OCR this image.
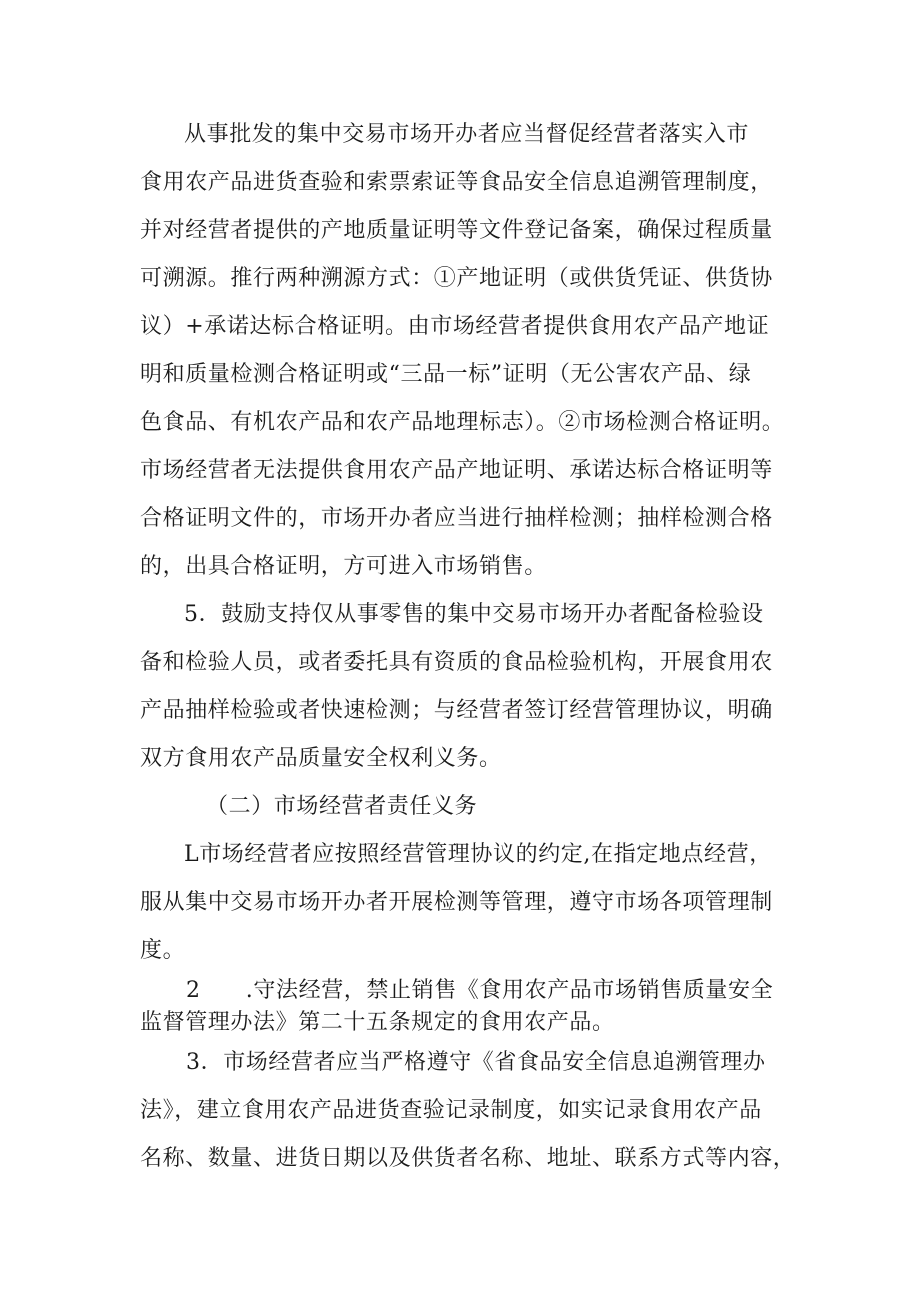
从事批发的集中交易市场开办者应当督促经营者落实入市
食用农产品进货查验和索票索证等食品安全信息追溯管理制度，
并对经营者提供的产地质量证明等文件登记备案，确保过程质量
可溯源。推行两种溯源方式：①产地证明（或供货凭证、供货协
议）+承诺达标合格证明。由市场经营者提供食用农产品产地证
明和质量检测合格证明或“三品一标”证明（无公害农产品、绿
色食品、有机农产品和农产品地理标志）。②市场检测合格证明。
市场经营者无法提供食用农产品产地证明、承诺达标合格证明等
合格证明文件的，市场开办者应当进行抽样检测；抽样检测合格
的，出具合格证明，方可进入市场销售。
5．鼓励支持仅从事零售的集中交易市场开办者配备检验设
备和检验人员，或者委托具有资质的食品检验机构，开展食用农
产品抽样检验或者快速检测；与经营者签订经营管理协议，明确
双方食用农产品质量安全权利义务。
（二）市场经营者责任义务
L市场经营者应按照经营管理协议的约定,在指定地点经营，
服从集中交易市场开办者开展检测等管理，遵守市场各项管理制
度。
2　　.守法经营，禁止销售《食用农产品市场销售质量安全
监督管理办法》第二十五条规定的食用农产品。
3．市场经营者应当严格遵守《省食品安全信息追溯管理办
法》，建立食用农产品进货查验记录制度，如实记录食用农产品
名称、数量、进货日期以及供货者名称、地址、联系方式等内容，
